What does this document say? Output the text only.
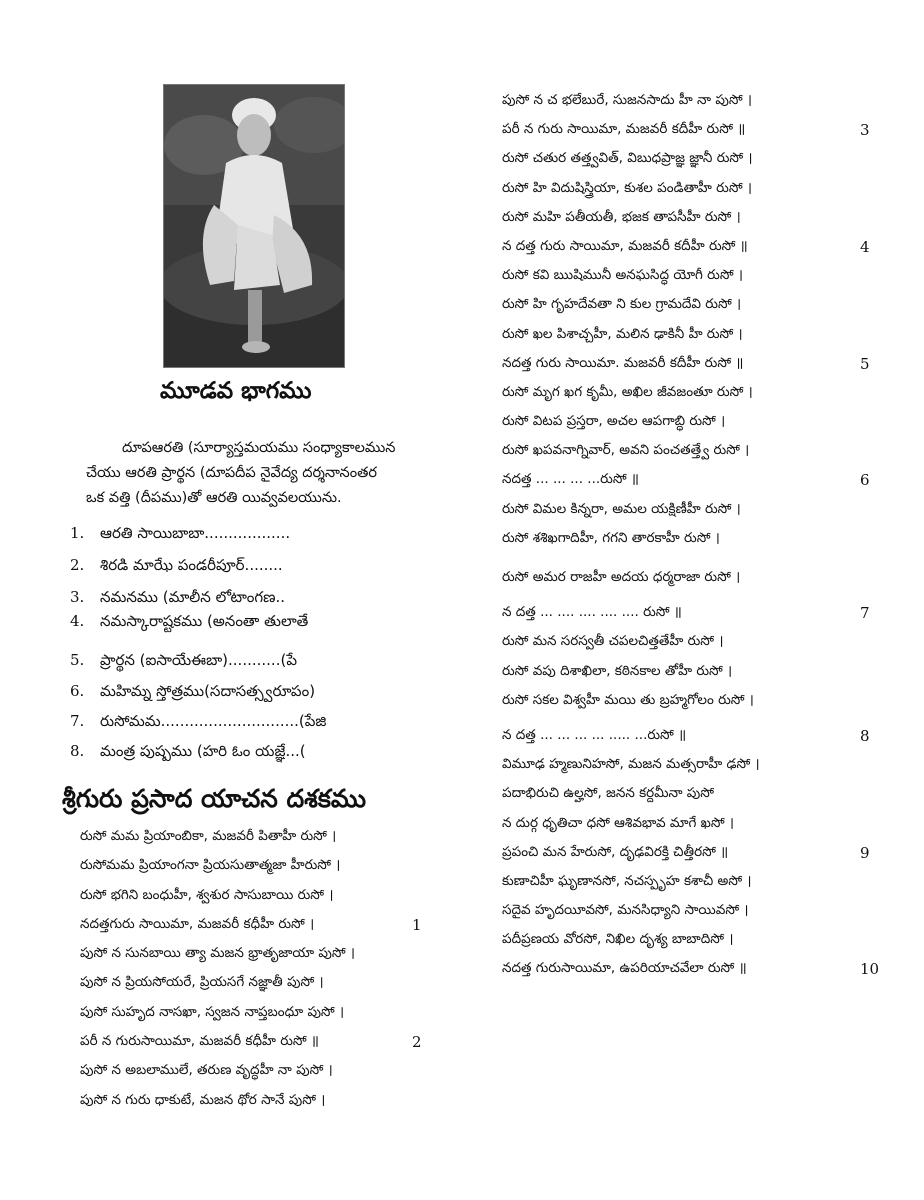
మూడవ భాగము

దూపఆరతి (సూర్యాస్తమయము సంధ్యాకాలమున

చేయు ఆరతి ప్రార్థన (దూపదీప నైవేద్య దర్శనానంతర

ఒక వత్తి (దీపము)తో ఆరతి యివ్వవలయును.

1. ఆరతి సాయిబాబా..................
2. శిరడి మాఝే పండరీపూర్........
3. నమనము (మాలీన లోటాంగణ..
4. నమస్కారాష్టకము (అనంతా తులాతే
5. ప్రార్థన (ఐసాయేఈబా)...........(పే
6. మహిమ్న స్తోత్రము(సదాసత్స్వరూపం)
7. రుసోమమ.............................(పేజి
8. మంత్ర పుష్పము (హరి ఓం యజ్ఞే...(
శ్రీగురు ప్రసాద యాచన దశకము
రుసో మమ ప్రియాంబికా, మజవరీ పితాహీ రుసో ।
రుసోమమ ప్రియాంగనా ప్రియసుతాత్మజా హీరుసో ।
రుసో భగిని బంధుహీ, శ్వశుర సాసుబాయి రుసో ।
నదత్తగురు సాయిమా, మజవరీ కధీహీ రుసో ।	1
పుసో న సునబాయి త్యా మజన భ్రాతృజాయా పుసో ।
పుసో న ప్రియసోయరే, ప్రియసగే నజ్ఞాతీ పుసో ।
పుసో సుహృద నాసఖా, స్వజన నాప్తబంధూ పుసో ।
పరీ న గురుసాయిమా, మజవరీ కధీహీ రుసో ॥	2
పుసో న అబలాములే, తరుణ వృద్ధహీ నా పుసో ।
పుసో న గురు ధాకుటే, మజన థోర సానే పుసో ।
పుసో న చ భలేబురే, సుజనసాదు హీ నా పుసో ।
పరీ న గురు సాయిమా, మజవరీ కదీహీ రుసో ॥	3
రుసో చతుర తత్త్వవిత్, విబుధప్రాజ్ఞ జ్ఞానీ రుసో ।
రుసో హి విదుషిస్త్రియా, కుశల పండితాహీ రుసో ।
రుసో మహి పతీయతీ, భజక తాపసీహీ రుసో ।
న దత్త గురు సాయిమా, మజవరీ కదీహీ రుసో ॥	4
రుసో కవి ఋషిమునీ అనఘసిద్ధ యోగీ రుసో ।
రుసో హి గృహదేవతా ని కుల గ్రామదేవి రుసో ।
రుసో ఖల పిశాచ్చహీ, మలిన ఢాకినీ హీ రుసో ।
నదత్త గురు సాయిమా. మజవరీ కదీహీ రుసో ॥	5
రుసో మృగ ఖగ కృమీ, అఖిల జీవజంతూ రుసో ।
రుసో విటప ప్రస్తరా, అచల ఆపగాబ్ధి రుసో ।
రుసో ఖపవనాగ్నివార్, అవని పంచతత్త్వే రుసో ।
నదత్త ... ... ... ...రుసో ॥	6
రుసో విమల కిన్నరా, అమల యక్షిణీహీ రుసో ।
రుసో శశిఖగాదిహీ, గగని తారకాహీ రుసో ।
రుసో అమర రాజహీ అదయ ధర్మరాజా రుసో ।
న దత్త ... .... .... .... .... రుసో ॥	7
రుసో మన సరస్వతీ చపలచిత్తతేహీ రుసో ।
రుసో వపు దిశాఖిలా, కఠినకాల తోహీ రుసో ।
రుసో సకల విశ్వహీ మయి తు బ్రహ్మగోలం రుసో ।
న దత్త ... ... ... ... ..... ...రుసో ॥	8
విమూఢ హ్మణునిహసో, మజన మత్సరాహీ ఢసో ।
పదాభిరుచి ఉల్హసో, జనన కర్దమీనా పుసో
న దుర్గ ధృతిచా ధసో ఆశివభావ మాగే ఖసో ।
ప్రపంచి మన హేరుసో, దృఢవిరక్తి చిత్తీరసో ॥	9
కుణాచిహీ ఘృణానసో, నచస్పృహ కశాచీ అసో ।
సదైవ హృదయీవసో, మనసిధ్యాని సాయివసో ।
పదీప్రణయ వోరసో, నిఖిల దృశ్య బాబాదిసో ।
నదత్త గురుసాయిమా, ఉపరియాచవేలా రుసో ॥	10
